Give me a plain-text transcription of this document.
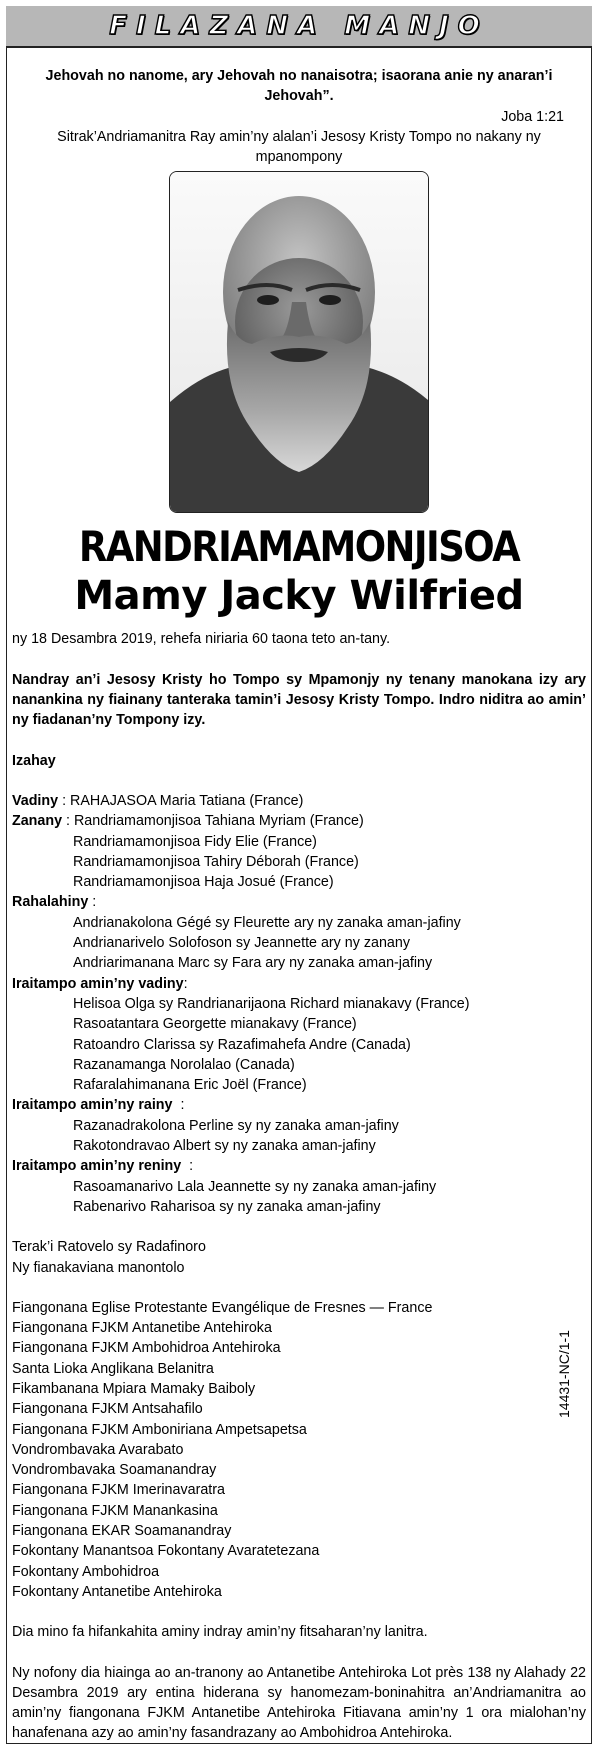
FILAZANA MANJO
Jehovah no nanome, ary Jehovah no nanaisotra; isaorana anie ny anaran’i Jehovah”.
Joba 1:21
Sitrak’Andriamanitra Ray amin’ny alalan’i Jesosy Kristy Tompo no nakany ny mpanompony
RANDRIAMAMONJISOA
Mamy Jacky Wilfried
ny 18 Desambra 2019, rehefa niriaria 60 taona teto an-tany.
Nandray an’i Jesosy Kristy ho Tompo sy Mpamonjy ny tenany manokana izy ary nanankina ny fiainany tanteraka tamin’i Jesosy Kristy Tompo. Indro niditra ao amin’ ny fiadanan’ny Tompony izy.
Izahay
Vadiny : RAHAJASOA Maria Tatiana (France)
Zanany : Randriamamonjisoa Tahiana Myriam (France)
Randriamamonjisoa Fidy Elie (France)
Randriamamonjisoa Tahiry Déborah (France)
Randriamamonjisoa Haja Josué (France)
Rahalahiny :
Andrianakolona Gégé sy Fleurette ary ny zanaka aman-jafiny
Andrianarivelo Solofoson sy Jeannette ary ny zanany
Andriarimanana Marc sy Fara ary ny zanaka aman-jafiny
Iraitampo amin’ny vadiny:
Helisoa Olga sy Randrianarijaona Richard mianakavy (France)
Rasoatantara Georgette mianakavy (France)
Ratoandro Clarissa sy Razafimahefa Andre (Canada)
Razanamanga Norolalao (Canada)
Rafaralahimanana Eric Joël (France)
Iraitampo amin’ny rainy  :
Razanadrakolona Perline sy ny zanaka aman-jafiny
Rakotondravao Albert sy ny zanaka aman-jafiny
Iraitampo amin’ny reniny  :
Rasoamanarivo Lala Jeannette sy ny zanaka aman-jafiny
Rabenarivo Raharisoa sy ny zanaka aman-jafiny
Terak’i Ratovelo sy Radafinoro
Ny fianakaviana manontolo
Fiangonana Eglise Protestante Evangélique de Fresnes — France
Fiangonana FJKM Antanetibe Antehiroka
Fiangonana FJKM Ambohidroa Antehiroka
Santa Lioka Anglikana Belanitra
Fikambanana Mpiara Mamaky Baiboly
Fiangonana FJKM Antsahafilo
Fiangonana FJKM Amboniriana Ampetsapetsa
Vondrombavaka Avarabato
Vondrombavaka Soamanandray
Fiangonana FJKM Imerinavaratra
Fiangonana FJKM Manankasina
Fiangonana EKAR Soamanandray
Fokontany Manantsoa Fokontany Avaratetezana
Fokontany Ambohidroa
Fokontany Antanetibe Antehiroka
Dia mino fa hifankahita aminy indray amin’ny fitsaharan’ny lanitra.
Ny nofony dia hiainga ao an-tranony ao Antanetibe Antehiroka Lot près 138 ny Alahady 22 Desambra 2019 ary entina hiderana sy hanomezam-boninahitra an’Andriamanitra ao amin’ny fiangonana FJKM Antanetibe Antehiroka Fitiavana amin’ny 1 ora mialohan’ny hanafenana azy ao amin’ny fasandrazany ao Ambohidroa Antehiroka.
14431-NC/1-1
